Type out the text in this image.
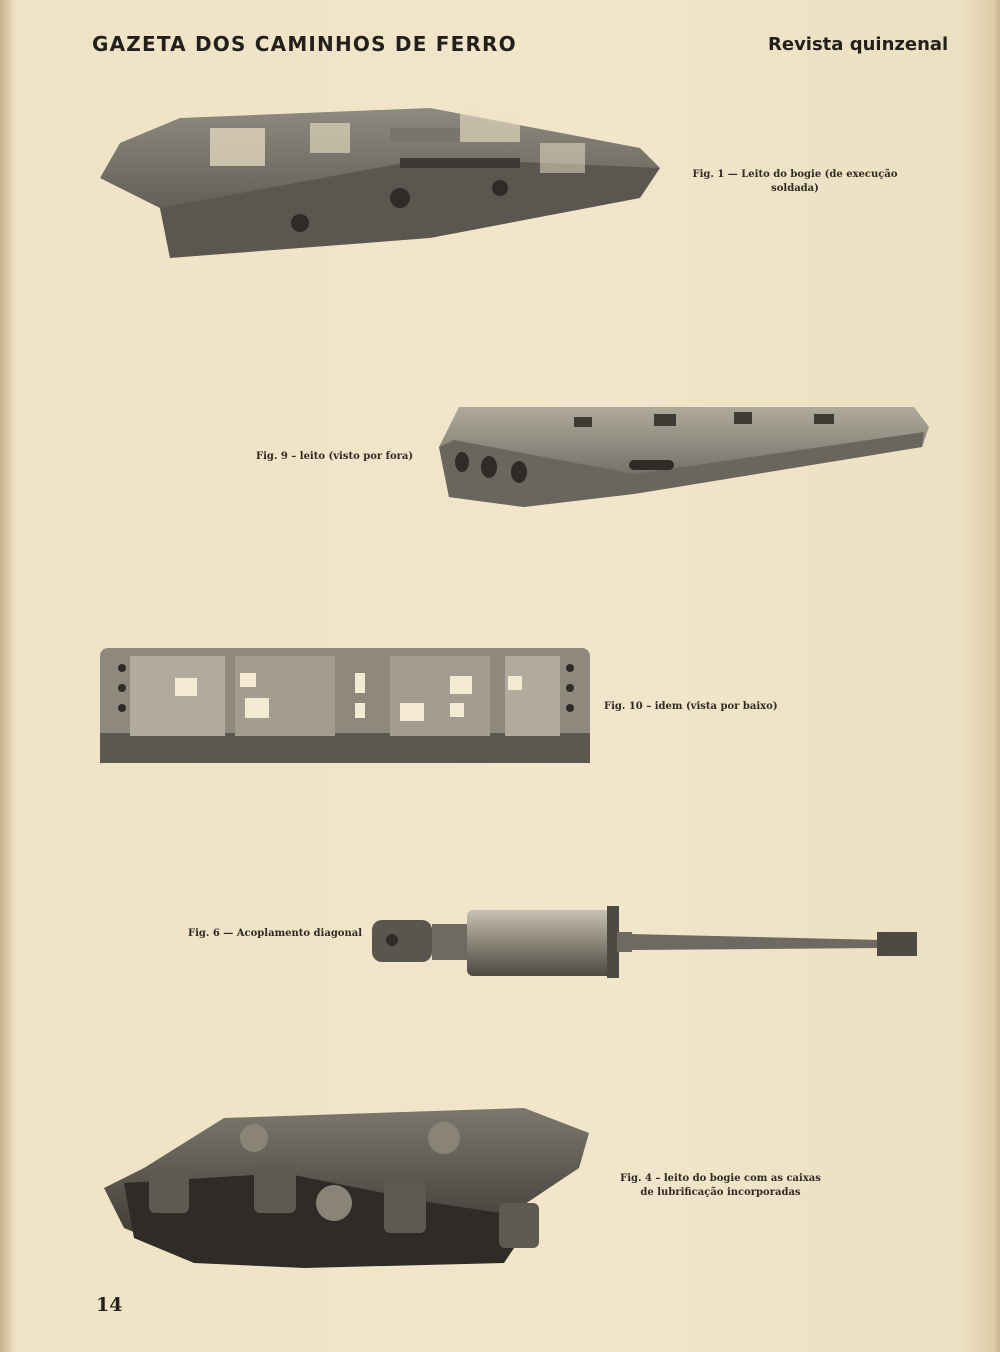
GAZETA DOS CAMINHOS DE FERRO	Revista quinzenal
Fig. 1 — Leito do bogie (de execução
soldada)
Fig. 9 – leito (visto por fora)
Fig. 10 – idem (vista por baixo)
Fig. 6 — Acoplamento diagonal
Fig. 4 – leito do bogie com as caixas
de lubrificação incorporadas
14
